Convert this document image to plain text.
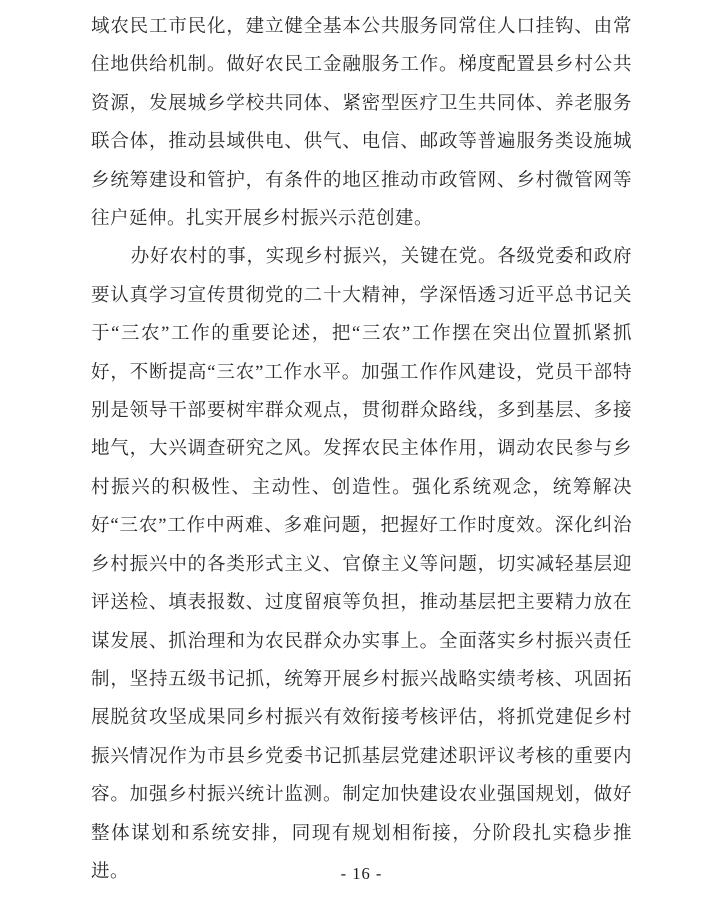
域农民工市民化，建立健全基本公共服务同常住人口挂钩、由常住地供给机制。做好农民工金融服务工作。梯度配置县乡村公共资源，发展城乡学校共同体、紧密型医疗卫生共同体、养老服务联合体，推动县域供电、供气、电信、邮政等普遍服务类设施城乡统筹建设和管护，有条件的地区推动市政管网、乡村微管网等往户延伸。扎实开展乡村振兴示范创建。

办好农村的事，实现乡村振兴，关键在党。各级党委和政府要认真学习宣传贯彻党的二十大精神，学深悟透习近平总书记关于“三农”工作的重要论述，把“三农”工作摆在突出位置抓紧抓好，不断提高“三农”工作水平。加强工作作风建设，党员干部特别是领导干部要树牢群众观点，贯彻群众路线，多到基层、多接地气，大兴调查研究之风。发挥农民主体作用，调动农民参与乡村振兴的积极性、主动性、创造性。强化系统观念，统筹解决好“三农”工作中两难、多难问题，把握好工作时度效。深化纠治乡村振兴中的各类形式主义、官僚主义等问题，切实减轻基层迎评送检、填表报数、过度留痕等负担，推动基层把主要精力放在谋发展、抓治理和为农民群众办实事上。全面落实乡村振兴责任制，坚持五级书记抓，统筹开展乡村振兴战略实绩考核、巩固拓展脱贫攻坚成果同乡村振兴有效衔接考核评估，将抓党建促乡村振兴情况作为市县乡党委书记抓基层党建述职评议考核的重要内容。加强乡村振兴统计监测。制定加快建设农业强国规划，做好整体谋划和系统安排，同现有规划相衔接，分阶段扎实稳步推进。	- 16 -
